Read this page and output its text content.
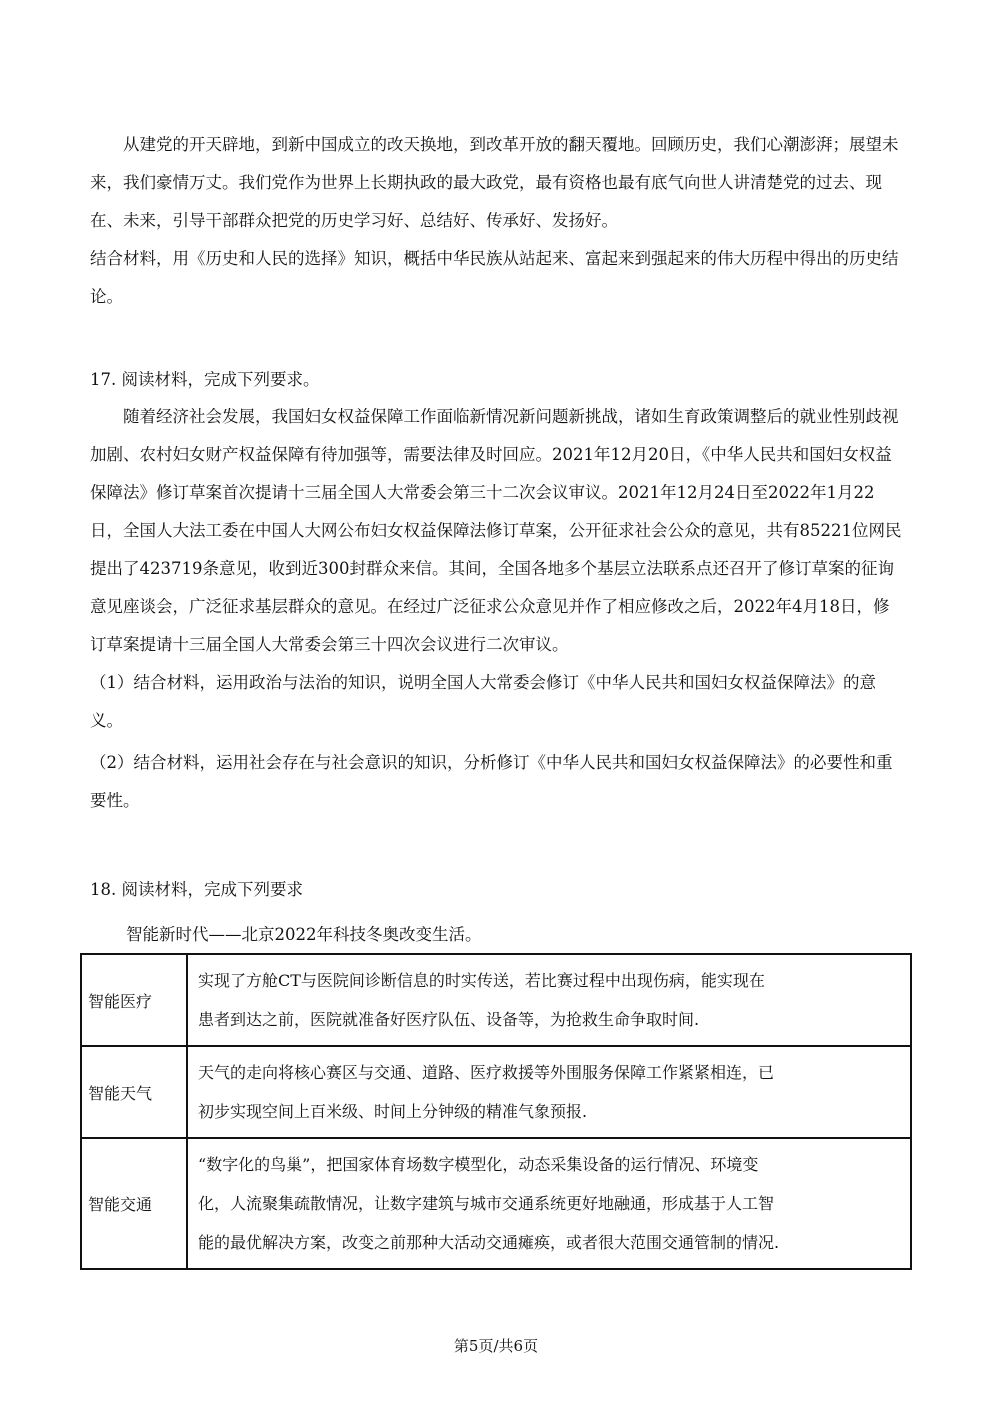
从建党的开天辟地，到新中国成立的改天换地，到改革开放的翻天覆地。回顾历史，我们心潮澎湃；展望未来，我们豪情万丈。我们党作为世界上长期执政的最大政党，最有资格也最有底气向世人讲清楚党的过去、现在、未来，引导干部群众把党的历史学习好、总结好、传承好、发扬好。

结合材料，用《历史和人民的选择》知识，概括中华民族从站起来、富起来到强起来的伟大历程中得出的历史结论。

17. 阅读材料，完成下列要求。

随着经济社会发展，我国妇女权益保障工作面临新情况新问题新挑战，诸如生育政策调整后的就业性别歧视加剧、农村妇女财产权益保障有待加强等，需要法律及时回应。2021年12月20日，《中华人民共和国妇女权益保障法》修订草案首次提请十三届全国人大常委会第三十二次会议审议。2021年12月24日至2022年1月22日，全国人大法工委在中国人大网公布妇女权益保障法修订草案，公开征求社会公众的意见，共有85221位网民提出了423719条意见，收到近300封群众来信。其间，全国各地多个基层立法联系点还召开了修订草案的征询意见座谈会，广泛征求基层群众的意见。在经过广泛征求公众意见并作了相应修改之后，2022年4月18日，修订草案提请十三届全国人大常委会第三十四次会议进行二次审议。

（1）结合材料，运用政治与法治的知识，说明全国人大常委会修订《中华人民共和国妇女权益保障法》的意义。

（2）结合材料，运用社会存在与社会意识的知识，分析修订《中华人民共和国妇女权益保障法》的必要性和重要性。

18. 阅读材料，完成下列要求

智能新时代——北京2022年科技冬奥改变生活。

智能医疗	实现了方舱CT与医院间诊断信息的时实传送，若比赛过程中出现伤病，能实现在
患者到达之前，医院就准备好医疗队伍、设备等，为抢救生命争取时间.

智能天气	天气的走向将核心赛区与交通、道路、医疗救援等外围服务保障工作紧紧相连，已
初步实现空间上百米级、时间上分钟级的精准气象预报.

智能交通	“数字化的鸟巢”，把国家体育场数字模型化，动态采集设备的运行情况、环境变
化，人流聚集疏散情况，让数字建筑与城市交通系统更好地融通，形成基于人工智
能的最优解决方案，改变之前那种大活动交通瘫痪，或者很大范围交通管制的情况.
第5页/共6页
